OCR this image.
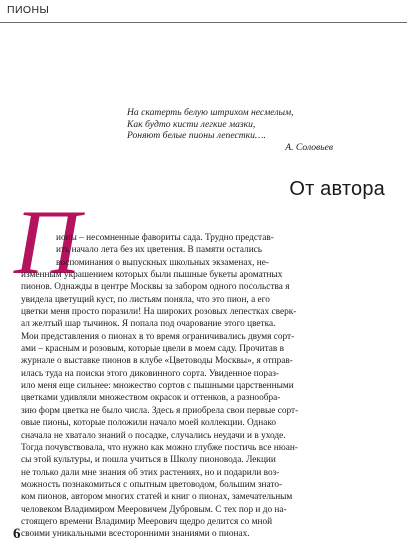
ПИОНЫ
На скатерть белую штрихом несмелым,
Как будто кисти легкие мазки,
Роняют белые пионы лепестки….
А. Соловьев
От автора
П
ионы – несомненные фавориты сада. Трудно представ-
ить начало лета без их цветения. В памяти остались
воспоминания о выпускных школьных экзаменах, не-
изменным украшением которых были пышные букеты ароматных
пионов. Однажды в центре Москвы за забором одного посольства я
увидела цветущий куст, по листьям поняла, что это пион, а его
цветки меня просто поразили! На широких розовых лепестках сверк-
ал желтый шар тычинок. Я попала под очарование этого цветка.
Мои представления о пионах в то время ограничивались двумя сорт-
ами – красным и розовым, которые цвели в моем саду. Прочитав в
журнале о выставке пионов в клубе «Цветоводы Москвы», я отправ-
илась туда на поиски этого диковинного сорта. Увиденное пораз-
ило меня еще сильнее: множество сортов с пышными царственными
цветками удивляли множеством окрасок и оттенков, а разнообра-
зию форм цветка не было числа. Здесь я приобрела свои первые сорт-
овые пионы, которые положили начало моей коллекции. Однако
сначала не хватало знаний о посадке, случались неудачи и в уходе.
Тогда почувствовала, что нужно как можно глубже постичь все нюан-
сы этой культуры, и пошла учиться в Школу пионовода. Лекции
не только дали мне знания об этих растениях, но и подарили воз-
можность познакомиться с опытным цветоводом, большим знато-
ком пионов, автором многих статей и книг о пионах, замечательным
человеком Владимиром Мееровичем Дубровым. С тех пор и до на-
стоящего времени Владимир Меерович щедро делится со мной
своими уникальными всесторонними знаниями о пионах.
6
